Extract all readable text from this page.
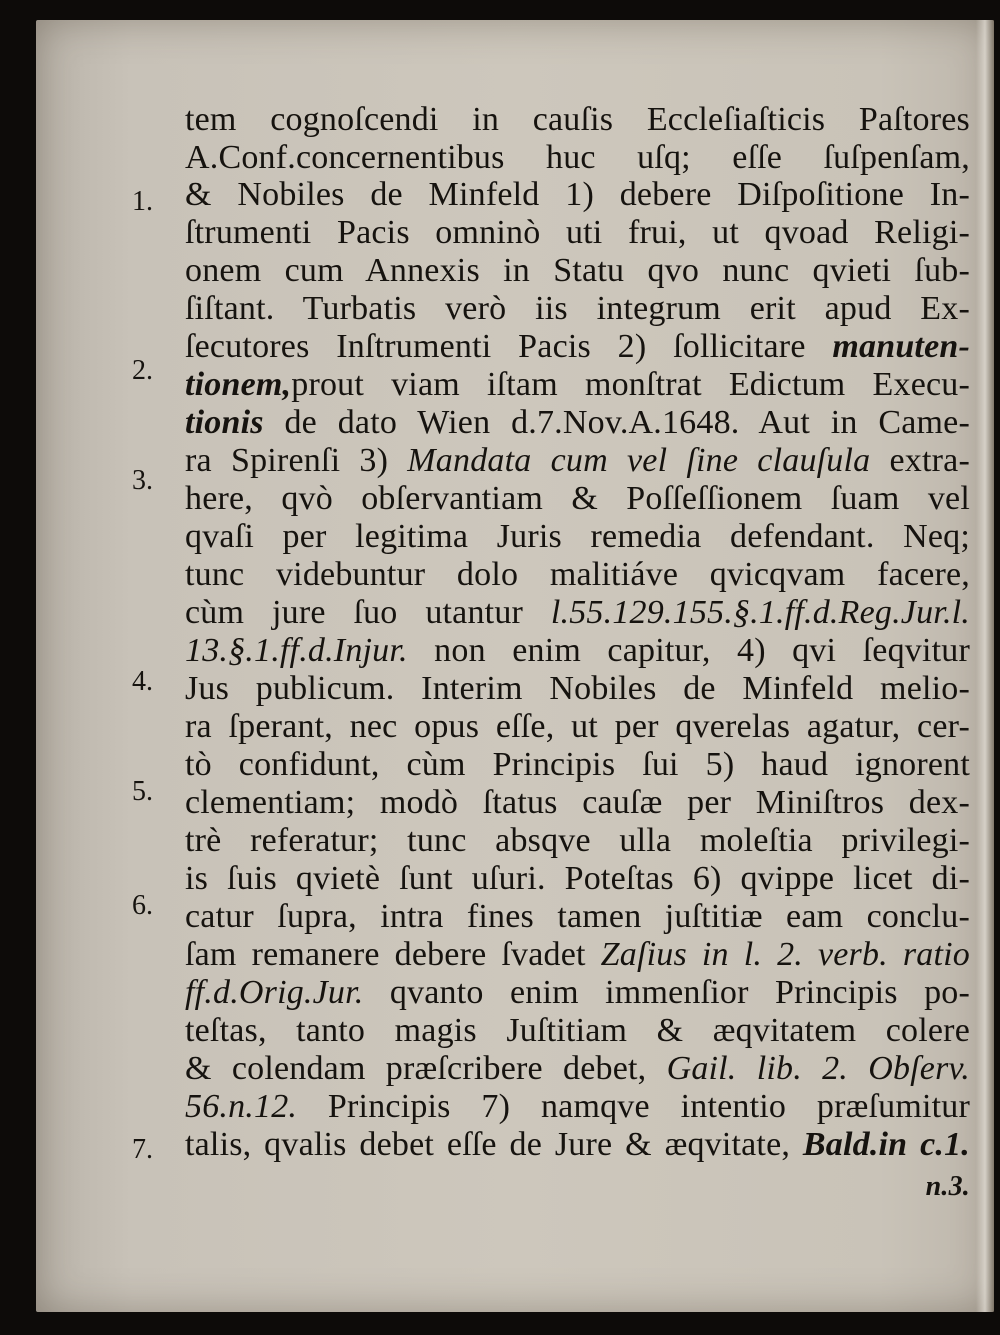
1.
2.
3.
4.
5.
6.
7.
tem cognoſcendi in cauſis Eccleſiaſticis Paſtores
A.Conf.concernentibus huc uſq; eſſe ſuſpenſam,
& Nobiles de Minfeld 1) debere Diſpoſitione In-
ſtrumenti Pacis omninò uti frui, ut qvoad Religi-
onem cum Annexis in Statu qvo nunc qvieti ſub-
ſiſtant. Turbatis verò iis integrum erit apud Ex-
ſecutores Inſtrumenti Pacis 2) ſollicitare manuten-
tionem,prout viam iſtam monſtrat Edictum Execu-
tionis de dato Wien d.7.Nov.A.1648. Aut in Came-
ra Spirenſi 3) Mandata cum vel ſine clauſula extra-
here, qvò obſervantiam & Poſſeſſionem ſuam vel
qvaſi per legitima Juris remedia defendant. Neq;
tunc videbuntur dolo malitiáve qvicqvam facere,
cùm jure ſuo utantur l.55.129.155.§.1.ff.d.Reg.Jur.l.
13.§.1.ff.d.Injur. non enim capitur, 4) qvi ſeqvitur
Jus publicum. Interim Nobiles de Minfeld melio-
ra ſperant, nec opus eſſe, ut per qverelas agatur, cer-
tò confidunt, cùm Principis ſui 5) haud ignorent
clementiam; modò ſtatus cauſæ per Miniſtros dex-
trè referatur; tunc absqve ulla moleſtia privilegi-
is ſuis qvietè ſunt uſuri. Poteſtas 6) qvippe licet di-
catur ſupra, intra fines tamen juſtitiæ eam conclu-
ſam remanere debere ſvadet Zaſius in l. 2. verb. ratio
ff.d.Orig.Jur. qvanto enim immenſior Principis po-
teſtas, tanto magis Juſtitiam & æqvitatem colere
& colendam præſcribere debet, Gail. lib. 2. Obſerv.
56.n.12. Principis 7) namqve intentio præſumitur
talis, qvalis debet eſſe de Jure & æqvitate, Bald.in c.1.
n.3.
